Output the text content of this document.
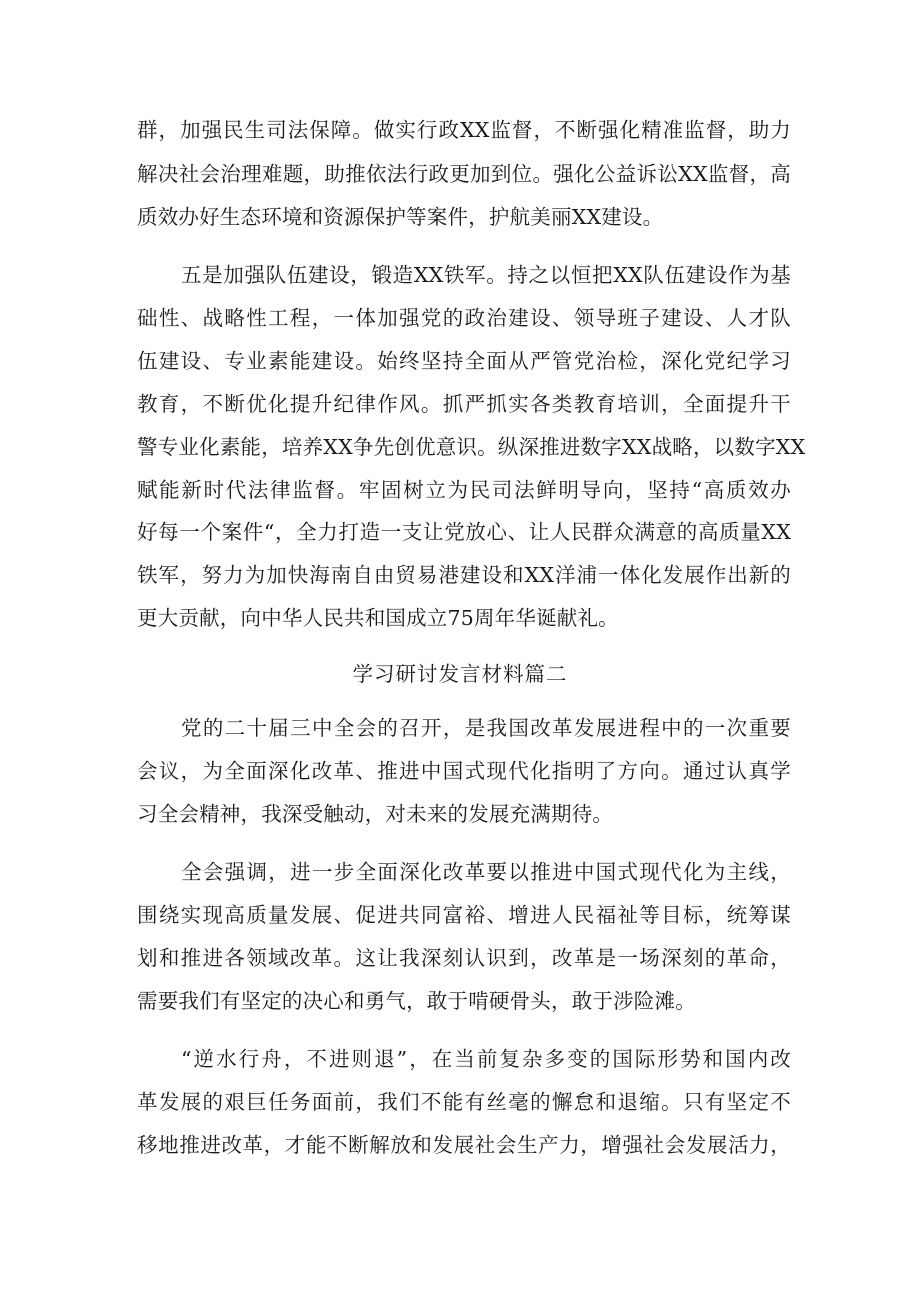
群，加强民生司法保障。做实行政XX监督，不断强化精准监督，助力
解决社会治理难题，助推依法行政更加到位。强化公益诉讼XX监督，高
质效办好生态环境和资源保护等案件，护航美丽XX建设。
五是加强队伍建设，锻造XX铁军。持之以恒把XX队伍建设作为基
础性、战略性工程，一体加强党的政治建设、领导班子建设、人才队
伍建设、专业素能建设。始终坚持全面从严管党治检，深化党纪学习
教育，不断优化提升纪律作风。抓严抓实各类教育培训，全面提升干
警专业化素能，培养XX争先创优意识。纵深推进数字XX战略，以数字XX
赋能新时代法律监督。牢固树立为民司法鲜明导向，坚持“高质效办
好每一个案件“，全力打造一支让党放心、让人民群众满意的高质量XX
铁军，努力为加快海南自由贸易港建设和XX洋浦一体化发展作出新的
更大贡献，向中华人民共和国成立75周年华诞献礼。
学习研讨发言材料篇二
党的二十届三中全会的召开，是我国改革发展进程中的一次重要
会议，为全面深化改革、推进中国式现代化指明了方向。通过认真学
习全会精神，我深受触动，对未来的发展充满期待。
全会强调，进一步全面深化改革要以推进中国式现代化为主线，
围绕实现高质量发展、促进共同富裕、增进人民福祉等目标，统筹谋
划和推进各领域改革。这让我深刻认识到，改革是一场深刻的革命，
需要我们有坚定的决心和勇气，敢于啃硬骨头，敢于涉险滩。
“逆水行舟，不进则退”，在当前复杂多变的国际形势和国内改
革发展的艰巨任务面前，我们不能有丝毫的懈怠和退缩。只有坚定不
移地推进改革，才能不断解放和发展社会生产力，增强社会发展活力，
